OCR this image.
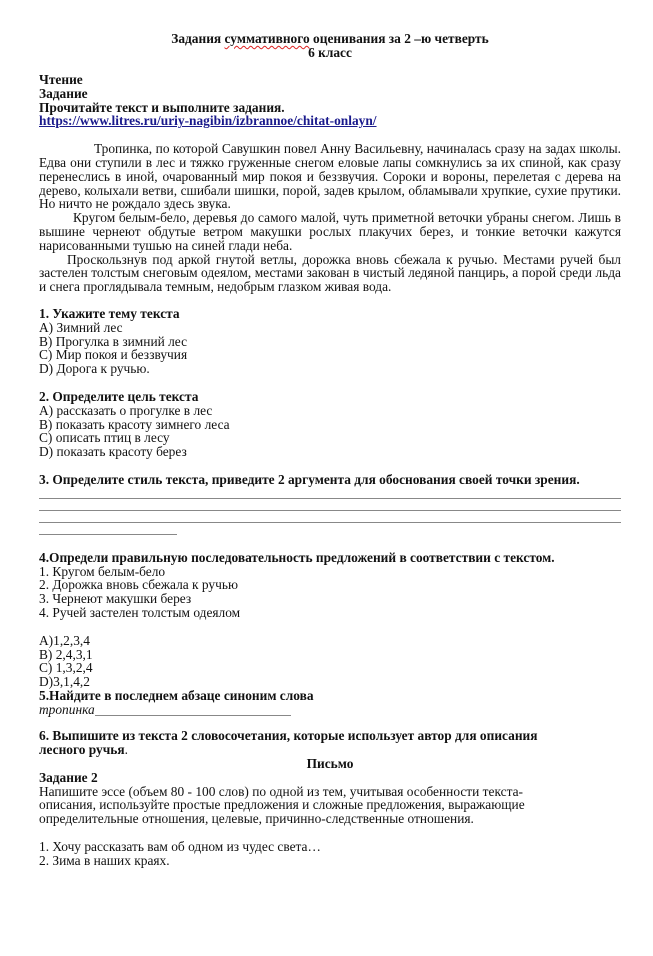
Задания суммативного оценивания за 2 –ю четверть

6 класс

Чтение

Задание

Прочитайте текст и выполните задания.

https://www.litres.ru/uriy-nagibin/izbrannoe/chitat-onlayn/

Тропинка, по которой Савушкин повел Анну Васильевну, начиналась сразу на задах школы. Едва они ступили в лес и тяжко груженные снегом еловые лапы сомкнулись за их спиной, как сразу перенеслись в иной, очарованный мир покоя и беззвучия. Сороки и вороны, перелетая с дерева на дерево, колыхали ветви, сшибали шишки, порой, задев крылом, обламывали хрупкие, сухие прутики. Но ничто не рождало здесь звука.

Кругом белым-бело, деревья до самого малой, чуть приметной веточки убраны снегом. Лишь в вышине чернеют обдутые ветром макушки рослых плакучих берез, и тонкие веточки кажутся нарисованными тушью на синей глади неба.

Проскользнув под аркой гнутой ветлы, дорожка вновь сбежала к ручью. Местами ручей был застелен толстым снеговым одеялом, местами закован в чистый ледяной панцирь, а порой среди льда и снега проглядывала темным, недобрым глазком живая вода.

1. Укажите тему текста

A) Зимний лес

B) Прогулка в зимний лес

C) Мир покоя и беззвучия

D) Дорога к ручью.

2. Определите цель текста

A) рассказать о прогулке в лес

B) показать красоту зимнего леса

C) описать птиц в лесу

D) показать красоту берез

3. Определите стиль текста, приведите 2 аргумента для обоснования своей точки зрения.

4.Определи правильную последовательность предложений в соответствии с текстом.

1. Кругом белым-бело

2. Дорожка вновь сбежала к ручью

3. Чернеют макушки берез

4. Ручей застелен толстым одеялом

A)1,2,3,4

B) 2,4,3,1

C) 1,3,2,4

D)3,1,4,2

5.Найдите в последнем абзаце синоним слова

тропинка

6. Выпишите из текста 2 словосочетания, которые использует автор для описания лесного ручья.

Письмо

Задание 2

Напишите эссе (объем 80 - 100 слов) по одной из тем, учитывая особенности текста-описания, используйте простые предложения и сложные предложения, выражающие определительные отношения, целевые, причинно-следственные отношения.

1. Хочу рассказать вам об одном из чудес света…

2. Зима в наших краях.
